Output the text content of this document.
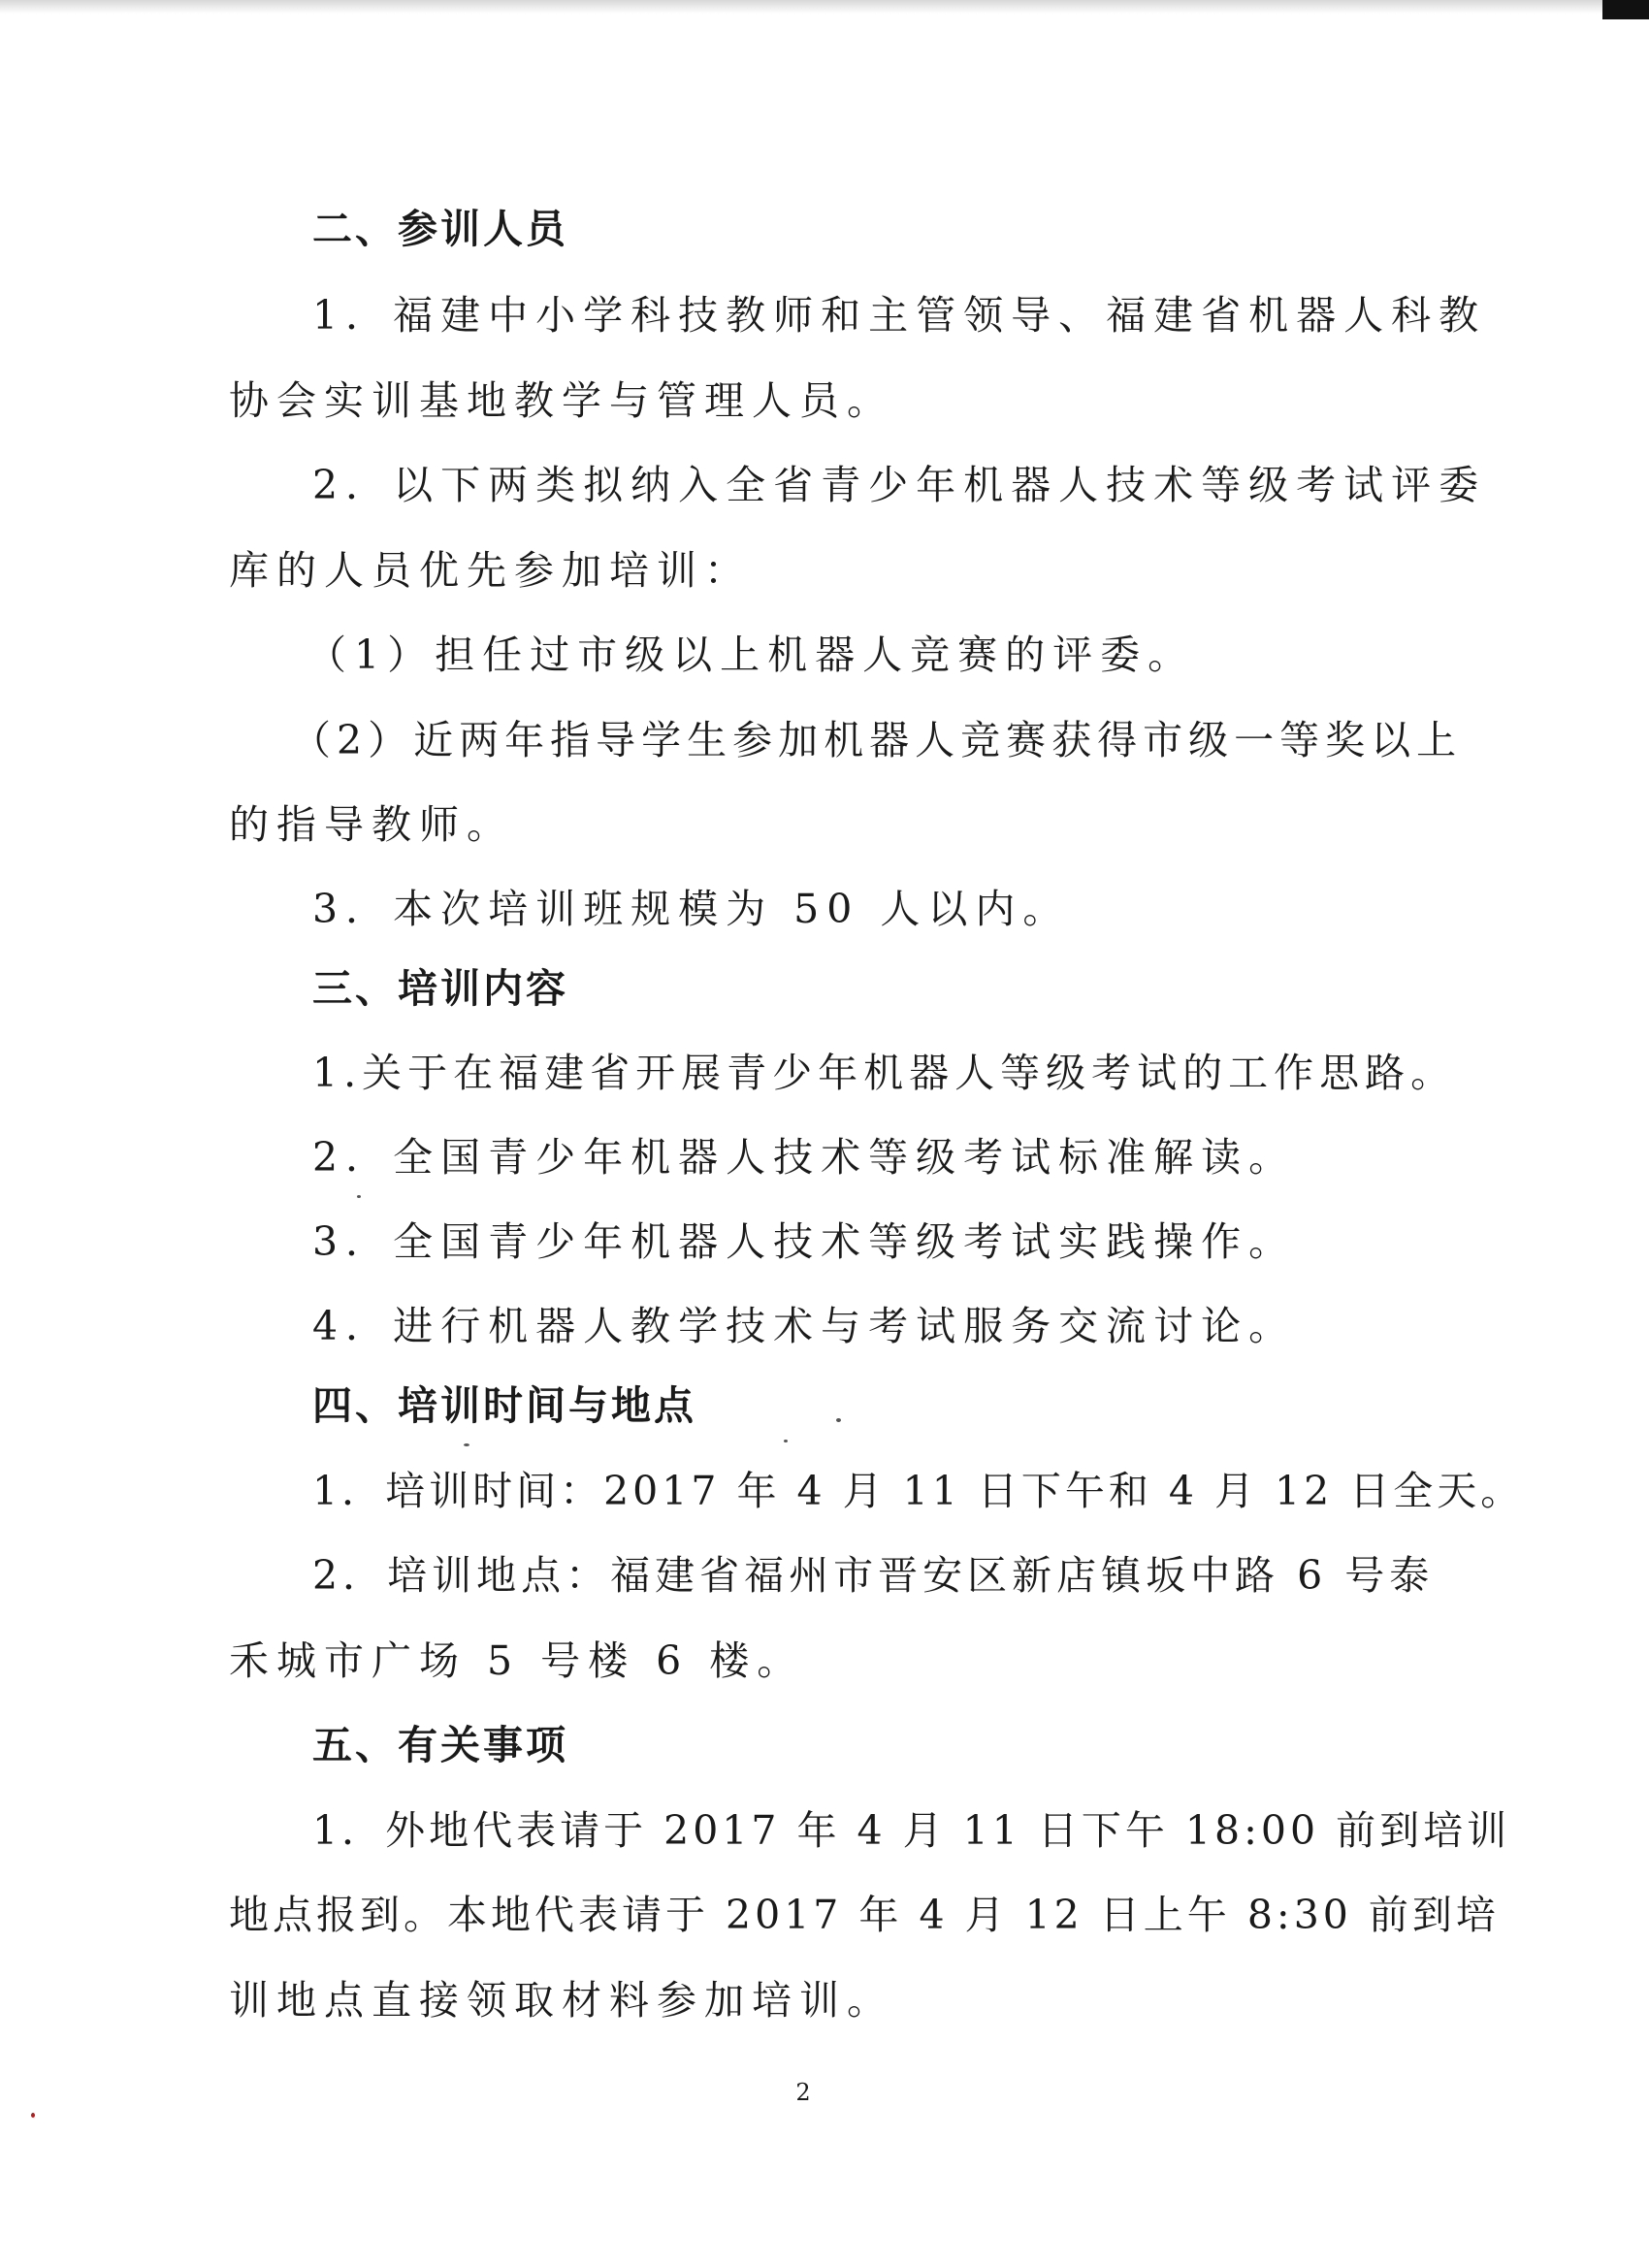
二、参训人员
1．福建中小学科技教师和主管领导、福建省机器人科教
协会实训基地教学与管理人员。
2．以下两类拟纳入全省青少年机器人技术等级考试评委
库的人员优先参加培训：
（1）担任过市级以上机器人竞赛的评委。
（2）近两年指导学生参加机器人竞赛获得市级一等奖以上
的指导教师。
3．本次培训班规模为 50 人以内。
三、培训内容
1.关于在福建省开展青少年机器人等级考试的工作思路。
2．全国青少年机器人技术等级考试标准解读。
3．全国青少年机器人技术等级考试实践操作。
4．进行机器人教学技术与考试服务交流讨论。
四、培训时间与地点
1．培训时间：2017 年 4 月 11 日下午和 4 月 12 日全天。
2．培训地点：福建省福州市晋安区新店镇坂中路 6 号泰
禾城市广场 5 号楼 6 楼。
五、有关事项
1．外地代表请于 2017 年 4 月 11 日下午 18:00 前到培训
地点报到。本地代表请于 2017 年 4 月 12 日上午 8:30 前到培
训地点直接领取材料参加培训。
2
